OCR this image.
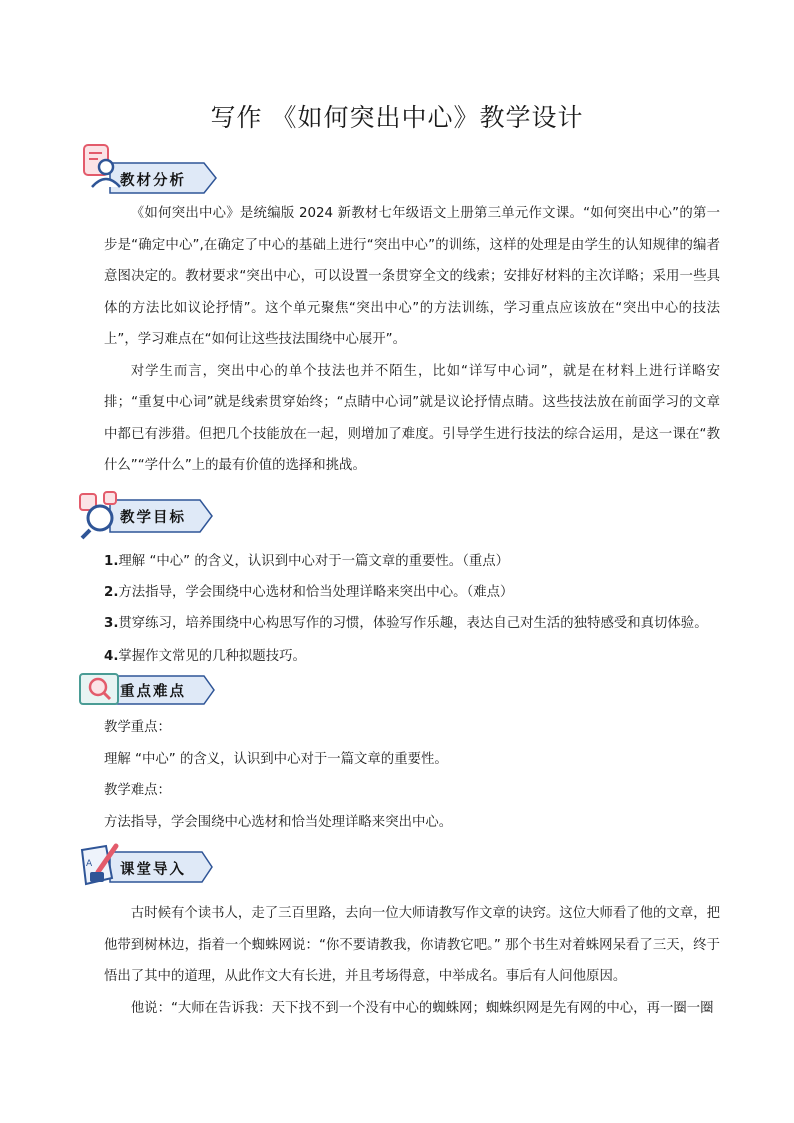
写作 《如何突出中心》教学设计
教材分析

《如何突出中心》是统编版 2024 新教材七年级语文上册第三单元作文课。“如何突出中心”的第一步是“确定中心”,在确定了中心的基础上进行“突出中心”的训练，这样的处理是由学生的认知规律的编者意图决定的。教材要求“突出中心，可以设置一条贯穿全文的线索；安排好材料的主次详略；采用一些具体的方法比如议论抒情”。这个单元聚焦“突出中心”的方法训练，学习重点应该放在“突出中心的技法上”，学习难点在“如何让这些技法围绕中心展开”。

对学生而言，突出中心的单个技法也并不陌生，比如“详写中心词”，就是在材料上进行详略安排；“重复中心词”就是线索贯穿始终；“点睛中心词”就是议论抒情点睛。这些技法放在前面学习的文章中都已有涉猎。但把几个技能放在一起，则增加了难度。引导学生进行技法的综合运用，是这一课在“教什么”“学什么”上的最有价值的选择和挑战。

教学目标
1.理解 “中心” 的含义，认识到中心对于一篇文章的重要性。（重点）
2.方法指导，学会围绕中心选材和恰当处理详略来突出中心。（难点）
3.贯穿练习，培养围绕中心构思写作的习惯，体验写作乐趣，表达自己对生活的独特感受和真切体验。
4.掌握作文常见的几种拟题技巧。
重点难点
教学重点：
理解 “中心” 的含义，认识到中心对于一篇文章的重要性。
教学难点：
方法指导，学会围绕中心选材和恰当处理详略来突出中心。
A 课堂导入

古时候有个读书人，走了三百里路，去向一位大师请教写作文章的诀窍。这位大师看了他的文章，把他带到树林边，指着一个蜘蛛网说：“你不要请教我，你请教它吧。” 那个书生对着蛛网呆看了三天，终于悟出了其中的道理，从此作文大有长进，并且考场得意，中举成名。事后有人问他原因。

他说：“大师在告诉我：天下找不到一个没有中心的蜘蛛网；蜘蛛织网是先有网的中心，再一圈一圈
